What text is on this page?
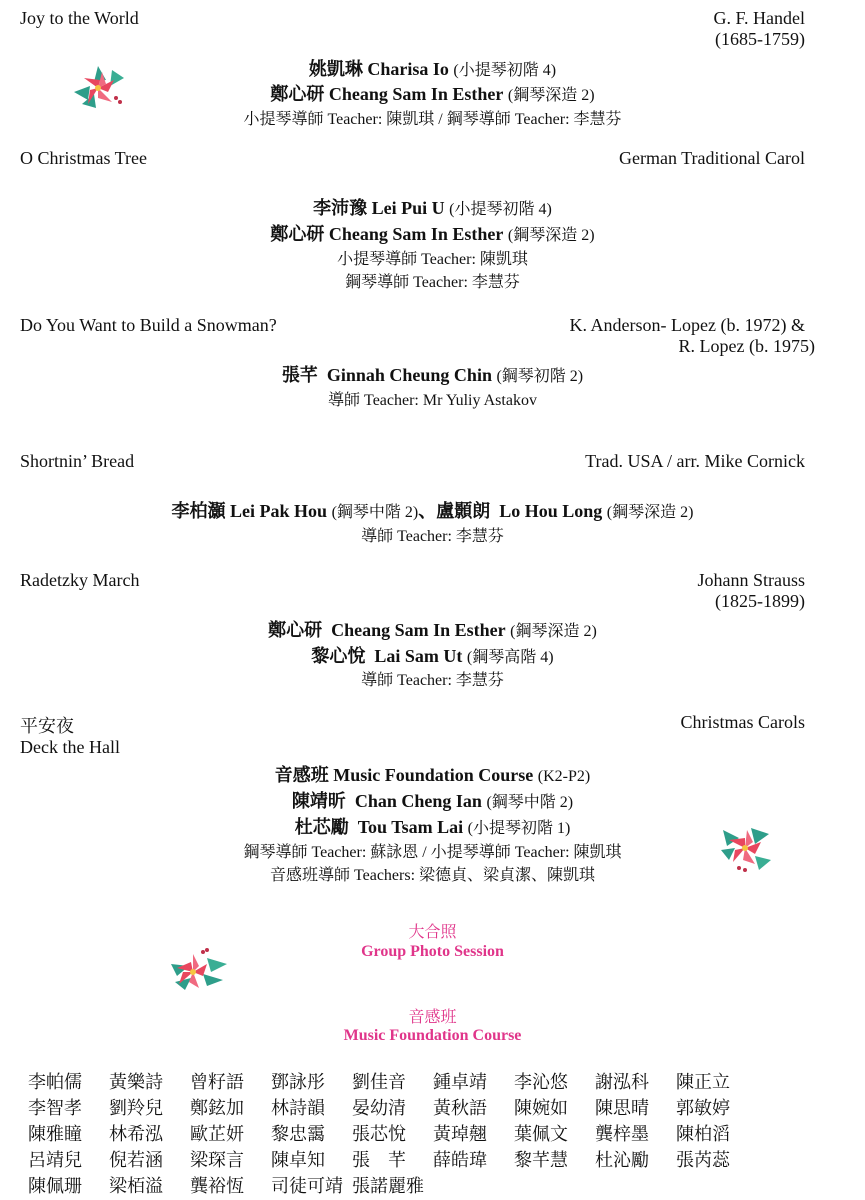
Joy to the World	G. F. Handel
(1685-1759)
姚凱琳 Charisa Io (小提琴初階 4)
鄭心研 Cheang Sam In Esther (鋼琴深造 2)
小提琴導師 Teacher: 陳凱琪 / 鋼琴導師 Teacher: 李慧芬
O Christmas Tree	German Traditional Carol
李沛豫 Lei Pui U (小提琴初階 4)
鄭心研 Cheang Sam In Esther (鋼琴深造 2)
小提琴導師 Teacher: 陳凱琪
鋼琴導師 Teacher: 李慧芬
Do You Want to Build a Snowman?	K. Anderson- Lopez (b. 1972) &
R. Lopez (b. 1975)
張芊 Ginnah Cheung Chin (鋼琴初階 2)
導師 Teacher: Mr Yuliy Astakov
Shortnin’ Bread	Trad. USA / arr. Mike Cornick
李柏灝 Lei Pak Hou (鋼琴中階 2)、盧顥朗 Lo Hou Long (鋼琴深造 2)
導師 Teacher: 李慧芬
Radetzky March	Johann Strauss
(1825-1899)
鄭心研 Cheang Sam In Esther (鋼琴深造 2)
黎心悅 Lai Sam Ut (鋼琴高階 4)
導師 Teacher: 李慧芬
平安夜
Deck the Hall
Christmas Carols
音感班 Music Foundation Course (K2-P2)
陳靖昕 Chan Cheng Ian (鋼琴中階 2)
杜芯勵 Tou Tsam Lai (小提琴初階 1)
鋼琴導師 Teacher: 蘇詠恩 / 小提琴導師 Teacher: 陳凱琪
音感班導師 Teachers: 梁德貞、梁貞潔、陳凱琪
大合照
Group Photo Session
音感班
Music Foundation Course
李帕儒	黃樂詩	曾籽語	鄧詠彤	劉佳音	鍾卓靖	李沁悠	謝泓科	陳正立
李智孝	劉羚兒	鄭鉉加	林詩韻	晏幼清	黃秋語	陳婉如	陳思晴	郭敏婷
陳雅瞳	林希泓	歐芷妍	黎忠靄	張芯悅	黃琸翹	葉佩文	龔梓墨	陳柏滔
呂靖兒	倪若涵	梁琛言	陳卓知	張　芊	薛皓瑋	黎芊慧	杜沁勵	張芮蕊
陳佩珊	梁栢溢	龔裕恆	司徒可靖 張諾麗雅
